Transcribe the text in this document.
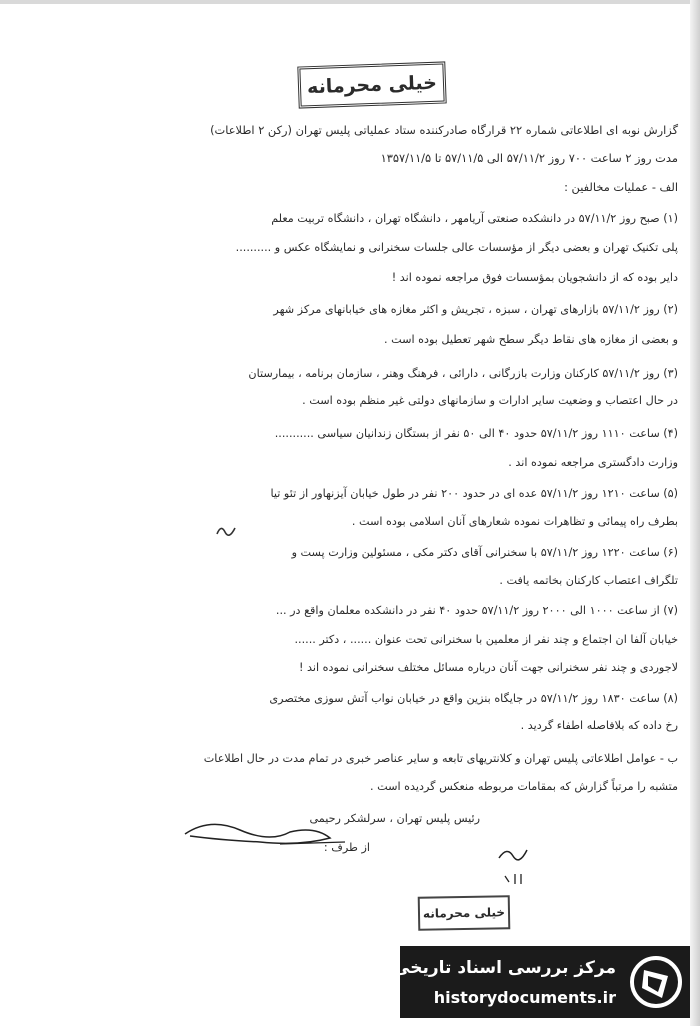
خیلی محرمانه
گزارش نوبه ای اطلاعاتی شماره ۲۲ قرارگاه صادرکننده ستاد عملیاتی پلیس تهران (رکن ۲ اطلاعات)
مدت روز ۲ ساعت ۷۰۰ روز ۵۷/۱۱/۲ الی ۵۷/۱۱/۵ تا ۱۳۵۷/۱۱/۵
الف - عملیات مخالفین :
(۱) صبح روز ۵۷/۱۱/۲ در دانشکده صنعتی آریامهر ، دانشگاه تهران ، دانشگاه تربیت معلم
پلی تکنیک تهران و بعضی دیگر از مؤسسات عالی جلسات سخنرانی و نمایشگاه عکس و ..........
دایر بوده که از دانشجویان بمؤسسات فوق مراجعه نموده اند !
(۲) روز ۵۷/۱۱/۲ بازارهای تهران ، سبزه ، تجریش و اکثر مغازه های خیابانهای مرکز شهر
و بعضی از مغازه های نقاط دیگر سطح شهر تعطیل بوده است .
(۳) روز ۵۷/۱۱/۲ کارکنان وزارت بازرگانی ، دارائی ، فرهنگ وهنر ، سازمان برنامه ، بیمارستان
در حال اعتصاب و وضعیت سایر ادارات و سازمانهای دولتی غیر منظم بوده است .
(۴) ساعت ۱۱۱۰ روز ۵۷/۱۱/۲ حدود ۴۰ الی ۵۰ نفر از بستگان زندانیان سیاسی ...........
وزارت دادگستری مراجعه نموده اند .
(۵) ساعت ۱۲۱۰ روز ۵۷/۱۱/۲ عده ای در حدود ۲۰۰ نفر در طول خیابان آیزنهاور از تئو تیا
بطرف راه پیمائی و تظاهرات نموده شعارهای آنان اسلامی بوده است .
(۶) ساعت ۱۲۲۰ روز ۵۷/۱۱/۲ با سخنرانی آقای دکتر مکی ، مسئولین وزارت پست و
تلگراف اعتصاب کارکنان بخاتمه یافت .
(۷) از ساعت ۱۰۰۰ الی ۲۰۰۰ روز ۵۷/۱۱/۲ حدود ۴۰ نفر در دانشکده معلمان واقع در ...
خیابان آلفا ان اجتماع و چند نفر از معلمین با سخنرانی تحت عنوان ...... ، دکتر ......
لاجوردی و چند نفر سخنرانی جهت آنان درباره مسائل مختلف سخنرانی نموده اند !
(۸) ساعت ۱۸۳۰ روز ۵۷/۱۱/۲ در جایگاه بنزین واقع در خیابان نواب آتش سوزی مختصری
رخ داده که بلافاصله اطفاء گردید .
ب - عوامل اطلاعاتی پلیس تهران و کلانتریهای تابعه و سایر عناصر خبری در تمام مدت در حال اطلاعات
متشبه را مرتباً گزارش که بمقامات مربوطه منعکس گردیده است .
رئیس پلیس تهران ، سرلشکر رحیمی
از طرف :
خیلی محرمانه
مرکز بررسی اسناد تاریخی
historydocuments.ir
